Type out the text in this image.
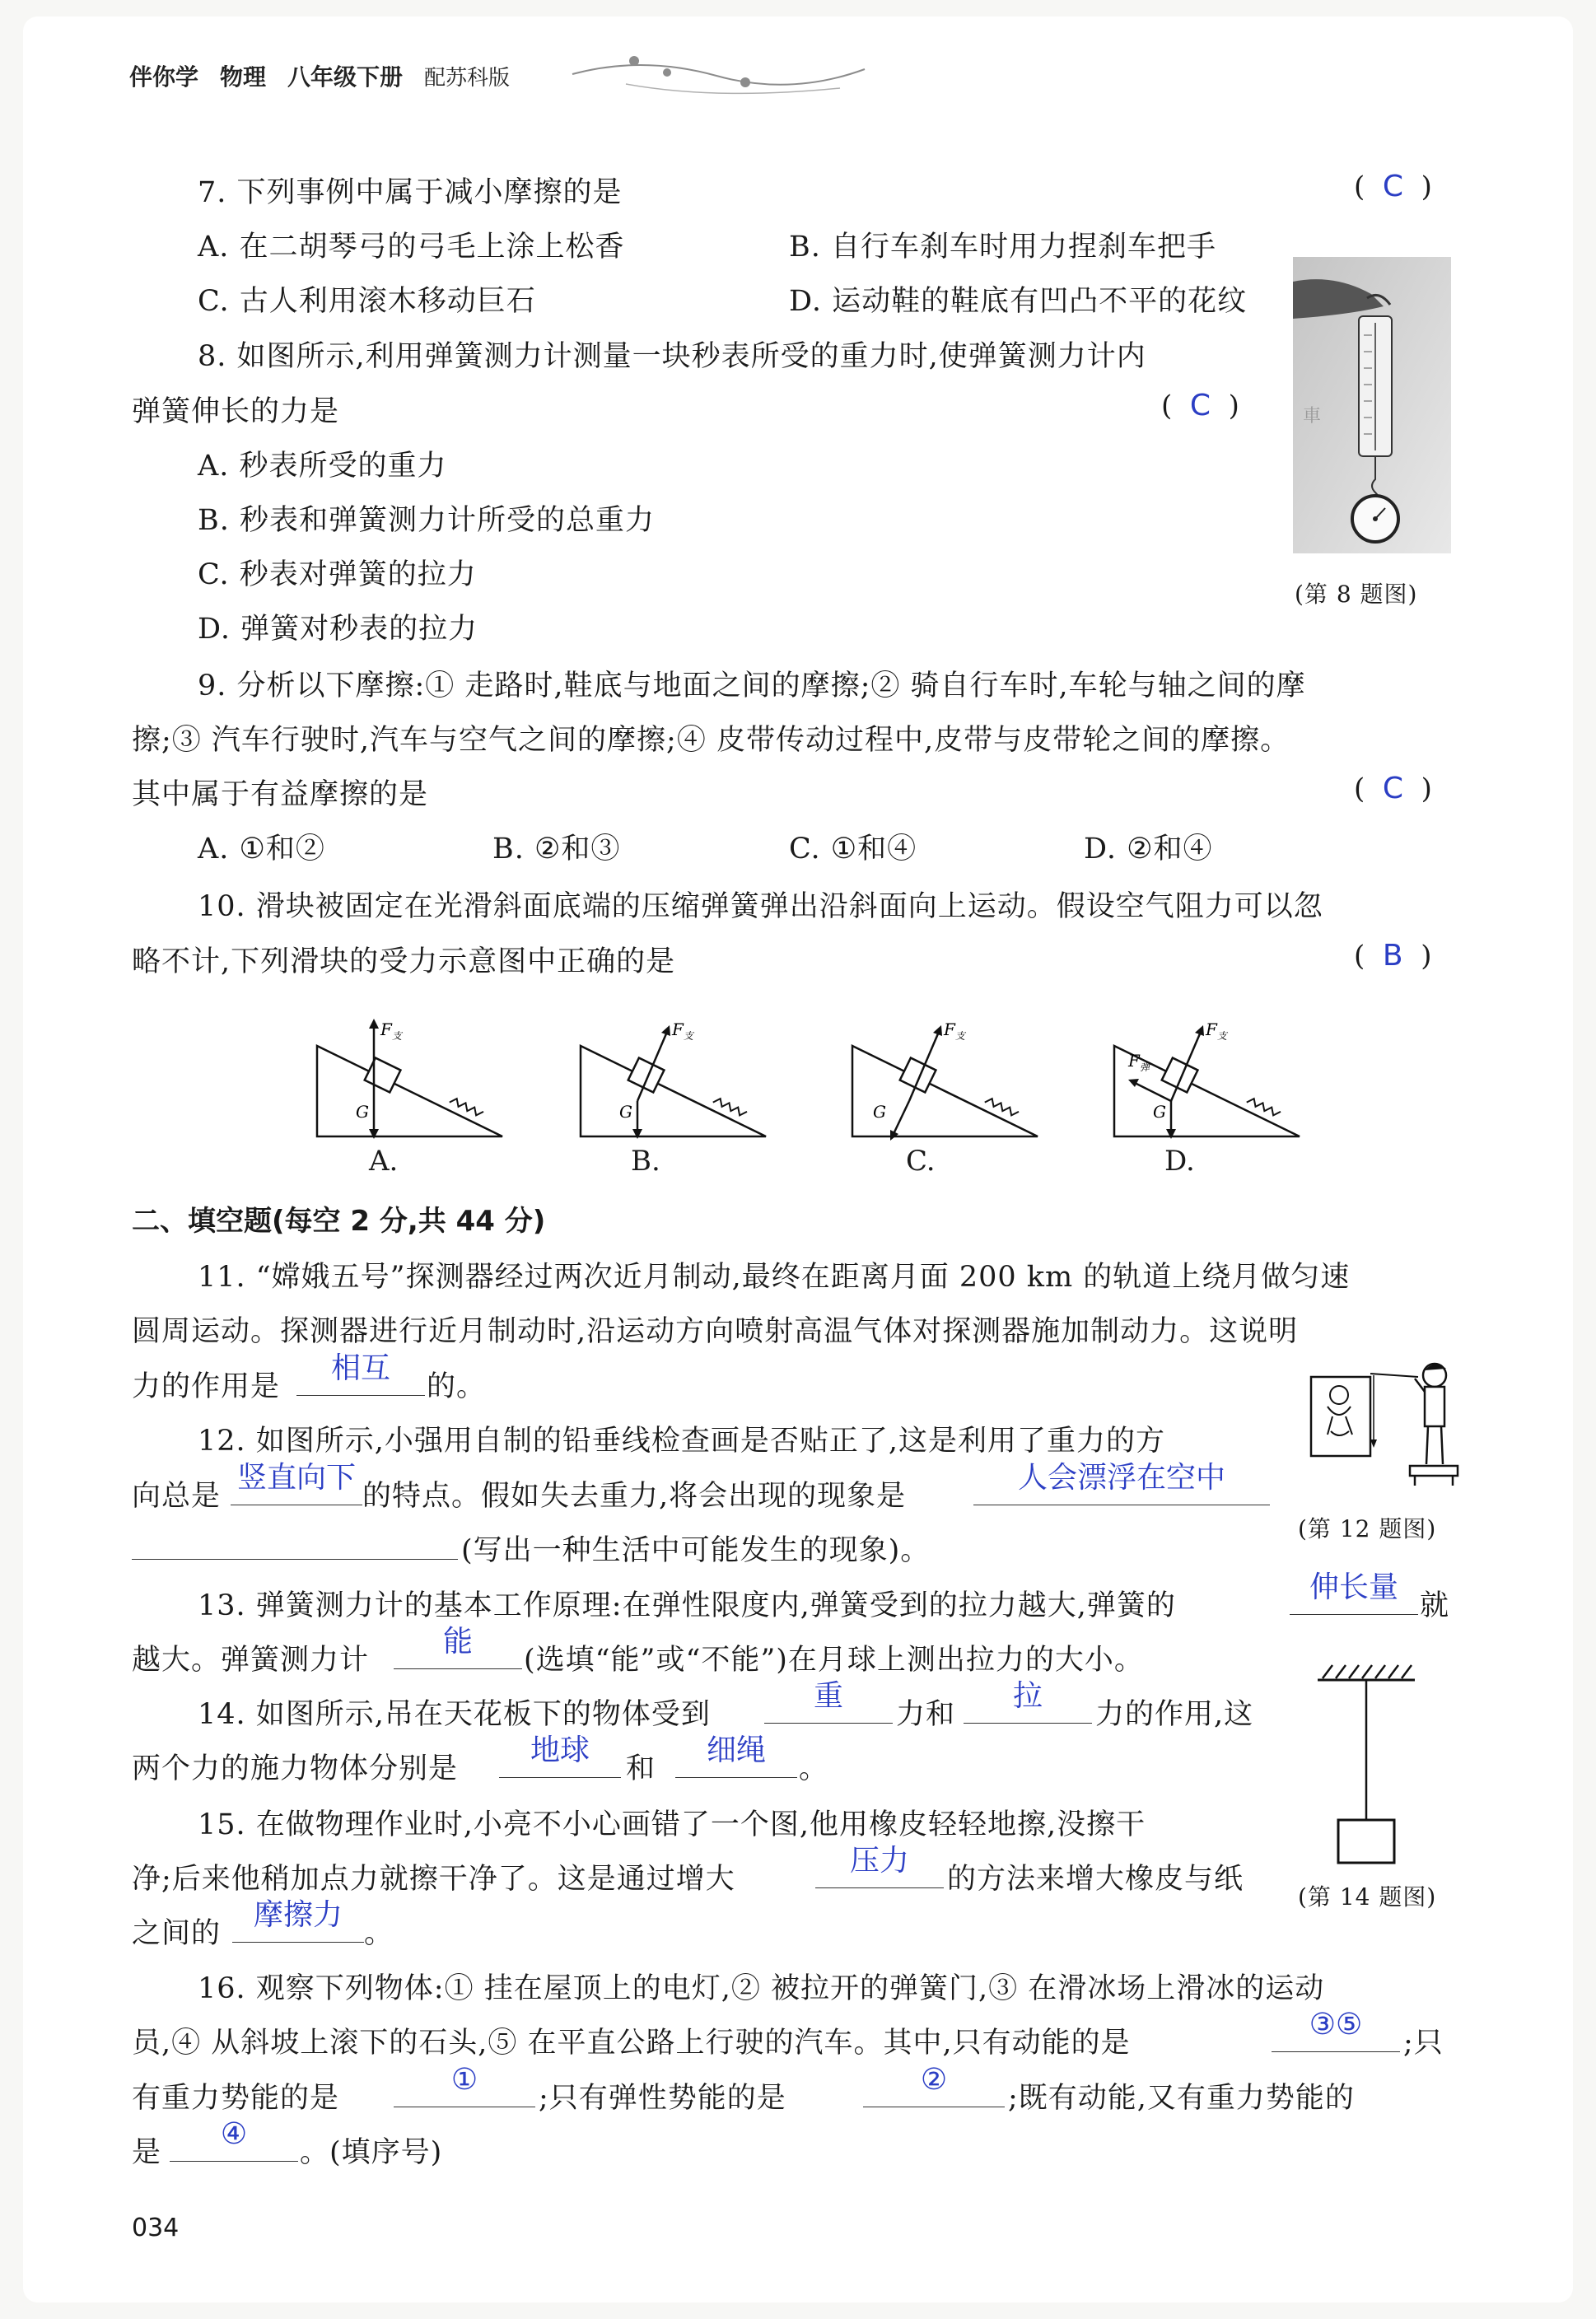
伴你学 物理 八年级下册 配苏科版
7. 下列事例中属于减小摩擦的是	(  C  )
A. 在二胡琴弓的弓毛上涂上松香	B. 自行车刹车时用力捏刹车把手
C. 古人利用滚木移动巨石	D. 运动鞋的鞋底有凹凸不平的花纹
8. 如图所示,利用弹簧测力计测量一块秒表所受的重力时,使弹簧测力计内
弹簧伸长的力是	(  C  )
A. 秒表所受的重力
B. 秒表和弹簧测力计所受的总重力
C. 秒表对弹簧的拉力
D. 弹簧对秒表的拉力
車
(第 8 题图)
9. 分析以下摩擦:① 走路时,鞋底与地面之间的摩擦;② 骑自行车时,车轮与轴之间的摩
擦;③ 汽车行驶时,汽车与空气之间的摩擦;④ 皮带传动过程中,皮带与皮带轮之间的摩擦。
其中属于有益摩擦的是	(  C  )
A. ①和②	B. ②和③	C. ①和④	D. ②和④
10. 滑块被固定在光滑斜面底端的压缩弹簧弹出沿斜面向上运动。假设空气阻力可以忽
略不计,下列滑块的受力示意图中正确的是	(  B  )
$F_支$
G
A.
$F_支$
G
B.
$F_支$
G
C.
$F_支$
$F_弹$
G
D.
二、填空题(每空 2 分,共 44 分)
11. “嫦娥五号”探测器经过两次近月制动,最终在距离月面 200 km 的轨道上绕月做匀速
圆周运动。探测器进行近月制动时,沿运动方向喷射高温气体对探测器施加制动力。这说明
力的作用是
相互
的。
12. 如图所示,小强用自制的铅垂线检查画是否贴正了,这是利用了重力的方
向总是
竖直向下
的特点。假如失去重力,将会出现的现象是
人会漂浮在空中
(写出一种生活中可能发生的现象)。
(第 12 题图)
13. 弹簧测力计的基本工作原理:在弹性限度内,弹簧受到的拉力越大,弹簧的
伸长量
就
越大。弹簧测力计
能
(选填“能”或“不能”)在月球上测出拉力的大小。
14. 如图所示,吊在天花板下的物体受到
重
力和
拉
力的作用,这
两个力的施力物体分别是
地球
和
细绳
。
(第 14 题图)
15. 在做物理作业时,小亮不小心画错了一个图,他用橡皮轻轻地擦,没擦干
净;后来他稍加点力就擦干净了。这是通过增大
压力
的方法来增大橡皮与纸
之间的
摩擦力
。
16. 观察下列物体:① 挂在屋顶上的电灯,② 被拉开的弹簧门,③ 在滑冰场上滑冰的运动
员,④ 从斜坡上滚下的石头,⑤ 在平直公路上行驶的汽车。其中,只有动能的是
③⑤
;只
有重力势能的是
①
;只有弹性势能的是
②
;既有动能,又有重力势能的
是
④
。(填序号)
034
